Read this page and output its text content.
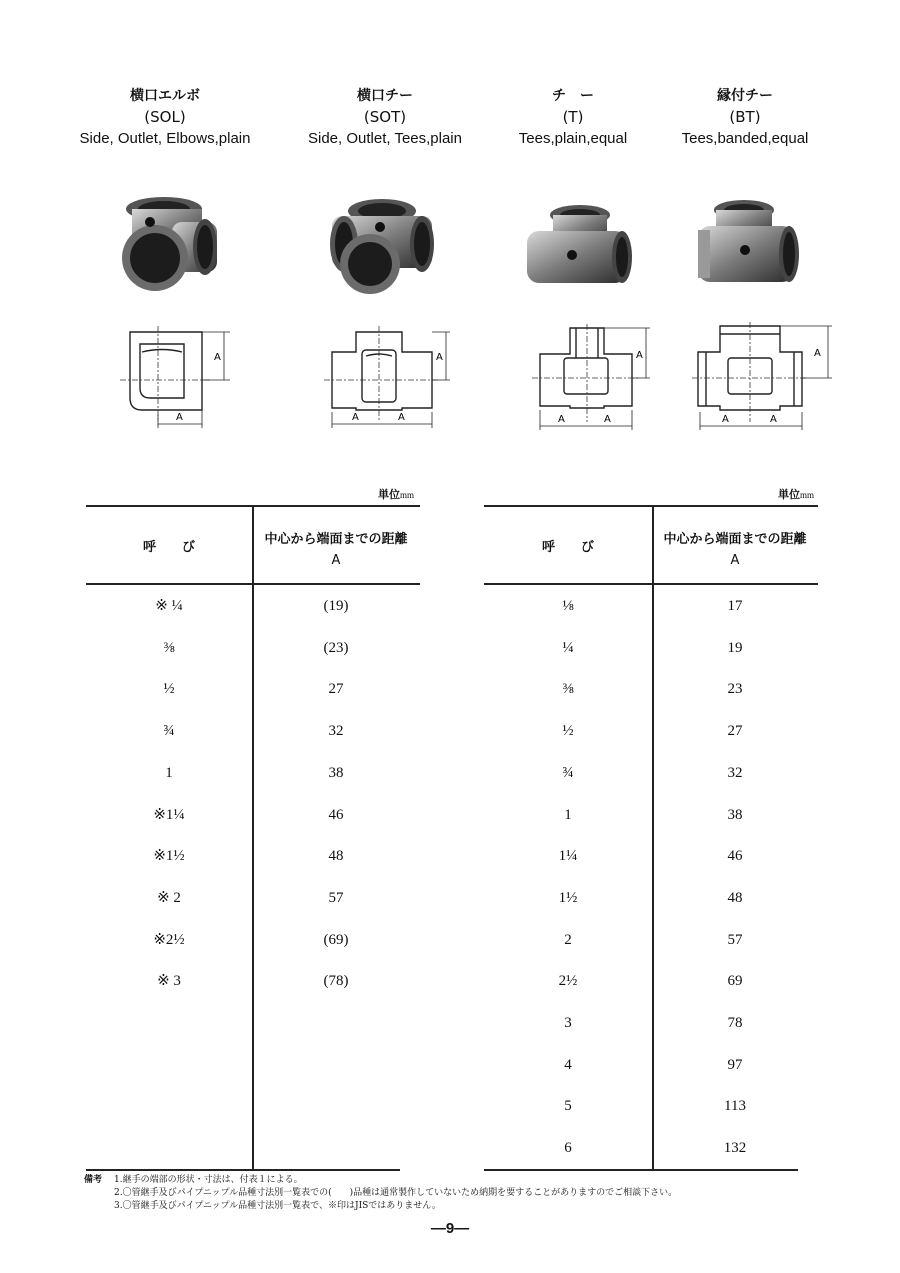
横口エルボ
(SOL)
Side, Outlet, Elbows,plain
横口チー
(SOT)
Side, Outlet, Tees,plain
チ　ー
(T)
Tees,plain,equal
縁付チー
(BT)
Tees,banded,equal
A
A
A
A	A
A
A	A
A
A	A
単位mm	単位mm
呼　　び
中心から端面までの距離
A
※ ¼	(19)
⅜	(23)
½	27
¾	32
1	38
※1¼	46
※1½	48
※ 2	57
※2½	(69)
※ 3	(78)
呼　　び
中心から端面までの距離
A
⅛	17
¼	19
⅜	23
½	27
¾	32
1	38
1¼	46
1½	48
2	57
2½	69
3	78
4	97
5	113
6	132
備考	1.継手の端部の形状・寸法は、付表１による。
2.〇管継手及びパイプニップル品種寸法別一覧表での(　　)品種は通常製作していないため納期を要することがありますのでご相談下さい。
3.〇管継手及びパイプニップル品種寸法別一覧表で、※印はJISではありません。
—9—
